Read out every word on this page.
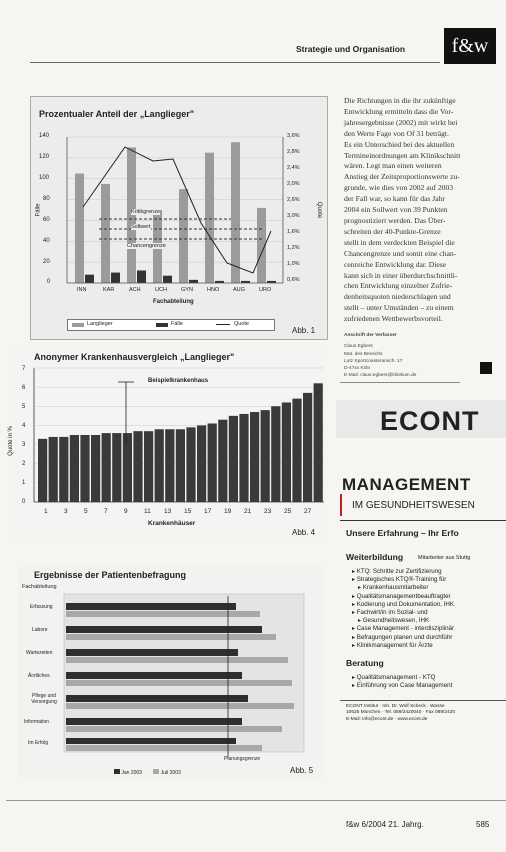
Strategie und Organisation	f&w
Prozentualer Anteil der „Langlieger"
140
120
100
80
60
40
20
0
Fälle	Quote
3,6%
2,8%
2,4%
2,0%
2,6%
3,0%
1,6%
1,2%
1,0%
0,6%
Kritikgrenze
Sollwert
Chancengrenze
INN	KAR	ACH	UCH	GYN	HNO	AUG	URO
Fachabteilung
Langlieger	Fälle	Quote
Abb. 1
Anonymer Krankenhausvergleich „Langlieger"
7
6
5
4
3
2
1
0
Quote in %
Beispielkrankenhaus
1	3	5	7	9	11 13 15 17 19 21 23 25 27
Krankenhäuser
Abb. 4
Ergebnisse der Patientenbefragung
Fachabteilung
Erfassung
Labore
Wartezeiten
Ärztliches
Pflege und Versorgung
Information
Im Erfolg
Planungsgrenze
Jan 2003	Juli 2003	Abb. 5
Die Richtungen in die ihr zukünftige
Entwicklung ermitteln dass die Vor-
jahresergebnisse (2002) mit wirkt bei
den Werte Fage von Of 31 beträgt.
Es ein Unterschied bei des aktuellen
Termineinordnungen am Klinikschnitt
wären. Legt man einen weiteren
Anstieg der Zeitsproportionswerte zu-
grunde, wie dies von 2002 auf 2003
der Fall war, so kann für das Jahr
2004 ein Sollwert von 39 Punkten
prognostiziert werden. Das Über-
schreiten der 40-Punkte-Grenze
stellt in dem verdeckten Beispiel die
Chancengrenze und somit eine chan-
cenreiche Entwicklung dar. Diese
kann sich in einer überdurchschnittli-
chen Entwicklung einzelner Zufrie-
denheitsquoten niederschlagen und
stellt – unter Umständen – zu einem
zufriedenen Wettbewerbsvorteil.
Anschrift der Verfasser
Claus Egbers
Mat. des Bereichs
Lutz Sportcoasteransch. 17
D-47xx Köln
E-Mail: claus.egbers@klinikum.de
ECONT
MANAGEMENT
IM GESUNDHEITSWESEN
Unsere Erfahrung – Ihr Erfo
Weiterbildung	Mitarbeiter aus Stuttg
▸ KTQ: Schritte zur Zertifizierung
▸ Strategisches KTQ®-Training für
▸ Krankenhausmitarbeiter
▸ Qualitätsmanagementbeauftragter
▸ Kodierung und Dokumentation, IHK
▸ Fachwirt/in im Sozial- und
▸ Gesundheitswesen, IHK
▸ Case Management - interdisziplinär
▸ Befragungen planen und durchführ
▸ Klinikmanagement für Ärzte
Beratung
▸ Qualitätsmanagement - KTQ
▸ Einführung von Case Management
ECONT Institut · Inh. Dr. Wolf Scheck · Wasse
10625 München · Tel. 089/2420040 · Fax 089/2420
E-Mail: info@econt.de · www.econt.de
f&w 6/2004 21. Jahrg.	585
